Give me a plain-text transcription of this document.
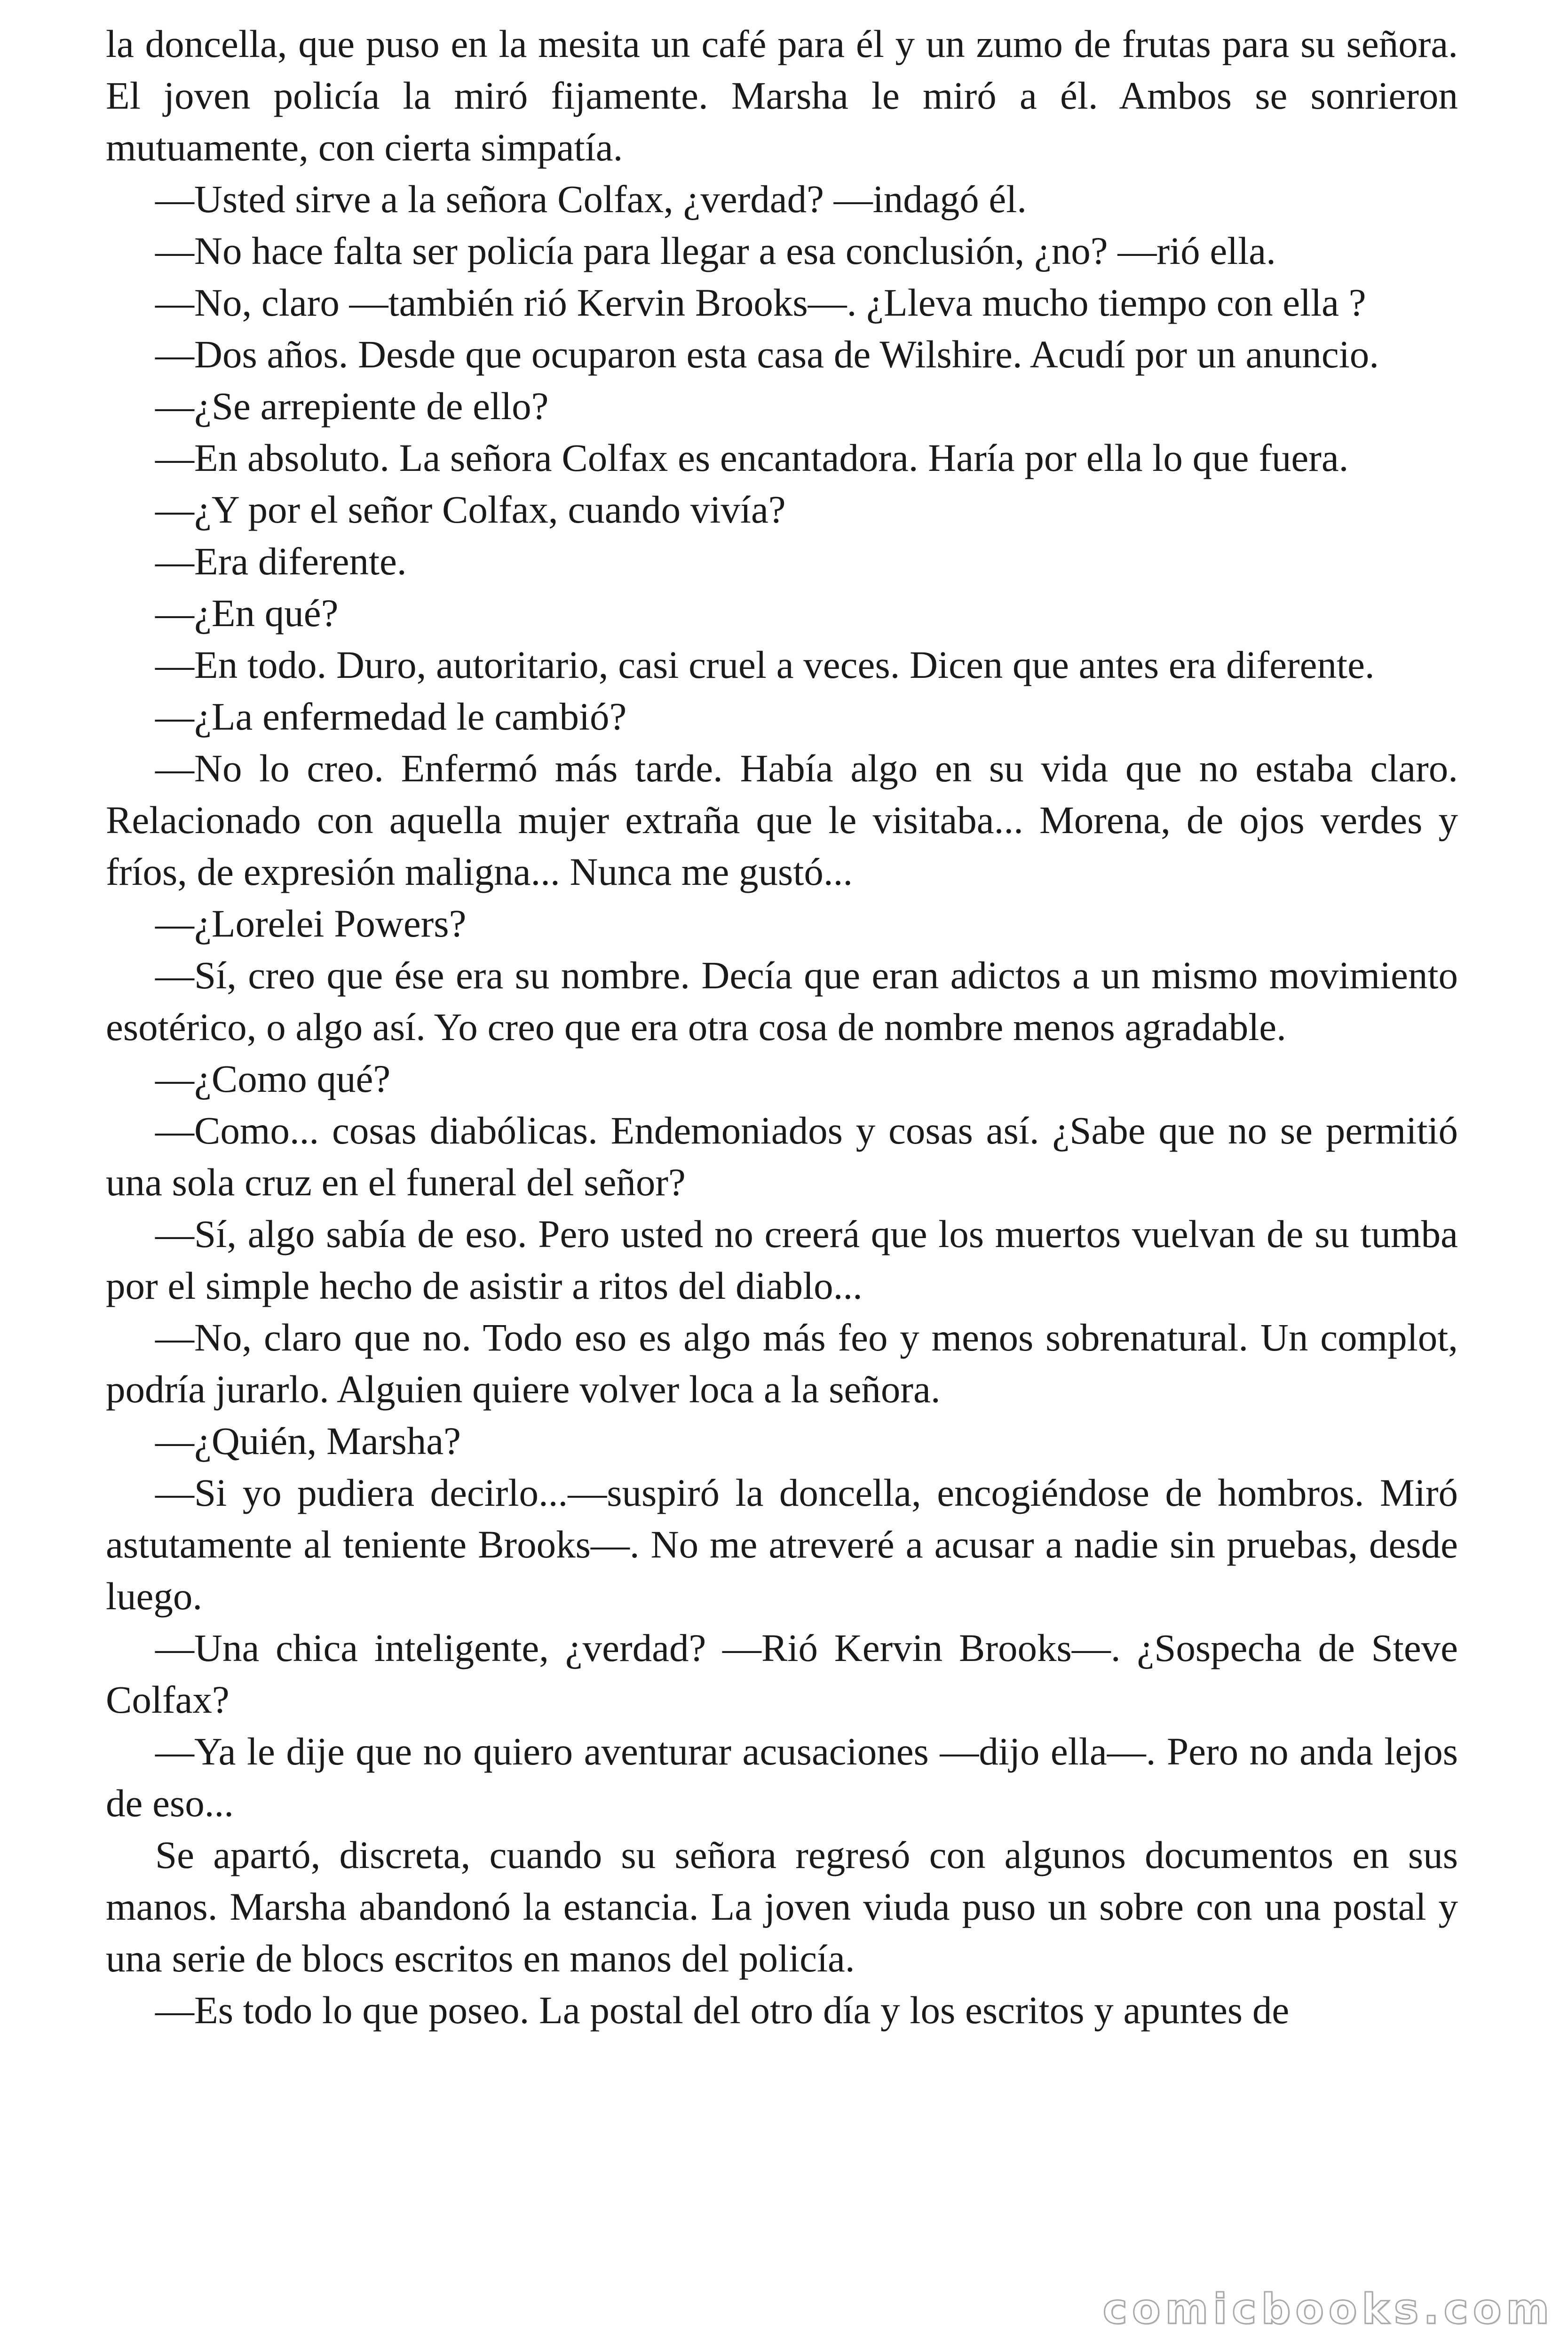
la doncella, que puso en la mesita un café para él y un zumo de frutas para su señora. El joven policía la miró fijamente. Marsha le miró a él. Ambos se sonrieron mutuamente, con cierta simpatía.

—Usted sirve a la señora Colfax, ¿verdad? —indagó él.

—No hace falta ser policía para llegar a esa conclusión, ¿no? —rió ella.

—No, claro —también rió Kervin Brooks—. ¿Lleva mucho tiempo con ella ?

—Dos años. Desde que ocuparon esta casa de Wilshire. Acudí por un anuncio.

—¿Se arrepiente de ello?

—En absoluto. La señora Colfax es encantadora. Haría por ella lo que fuera.

—¿Y por el señor Colfax, cuando vivía?

—Era diferente.

—¿En qué?

—En todo. Duro, autoritario, casi cruel a veces. Dicen que antes era diferente.

—¿La enfermedad le cambió?

—No lo creo. Enfermó más tarde. Había algo en su vida que no estaba claro. Relacionado con aquella mujer extraña que le visitaba... Morena, de ojos verdes y fríos, de expresión maligna... Nunca me gustó...

—¿Lorelei Powers?

—Sí, creo que ése era su nombre. Decía que eran adictos a un mismo movimiento esotérico, o algo así. Yo creo que era otra cosa de nombre menos agradable.

—¿Como qué?

—Como... cosas diabólicas. Endemoniados y cosas así. ¿Sabe que no se permitió una sola cruz en el funeral del señor?

—Sí, algo sabía de eso. Pero usted no creerá que los muertos vuelvan de su tumba por el simple hecho de asistir a ritos del diablo...

—No, claro que no. Todo eso es algo más feo y menos sobrenatural. Un complot, podría jurarlo. Alguien quiere volver loca a la señora.

—¿Quién, Marsha?

—Si yo pudiera decirlo...—suspiró la doncella, encogiéndose de hombros. Miró astutamente al teniente Brooks—. No me atreveré a acusar a nadie sin pruebas, desde luego.

—Una chica inteligente, ¿verdad? —Rió Kervin Brooks—. ¿Sospecha de Steve Colfax?

—Ya le dije que no quiero aventurar acusaciones —dijo ella—. Pero no anda lejos de eso...

Se apartó, discreta, cuando su señora regresó con algunos documentos en sus manos. Marsha abandonó la estancia. La joven viuda puso un sobre con una postal y una serie de blocs escritos en manos del policía.

—Es todo lo que poseo. La postal del otro día y los escritos y apuntes de

comicbooks.com
